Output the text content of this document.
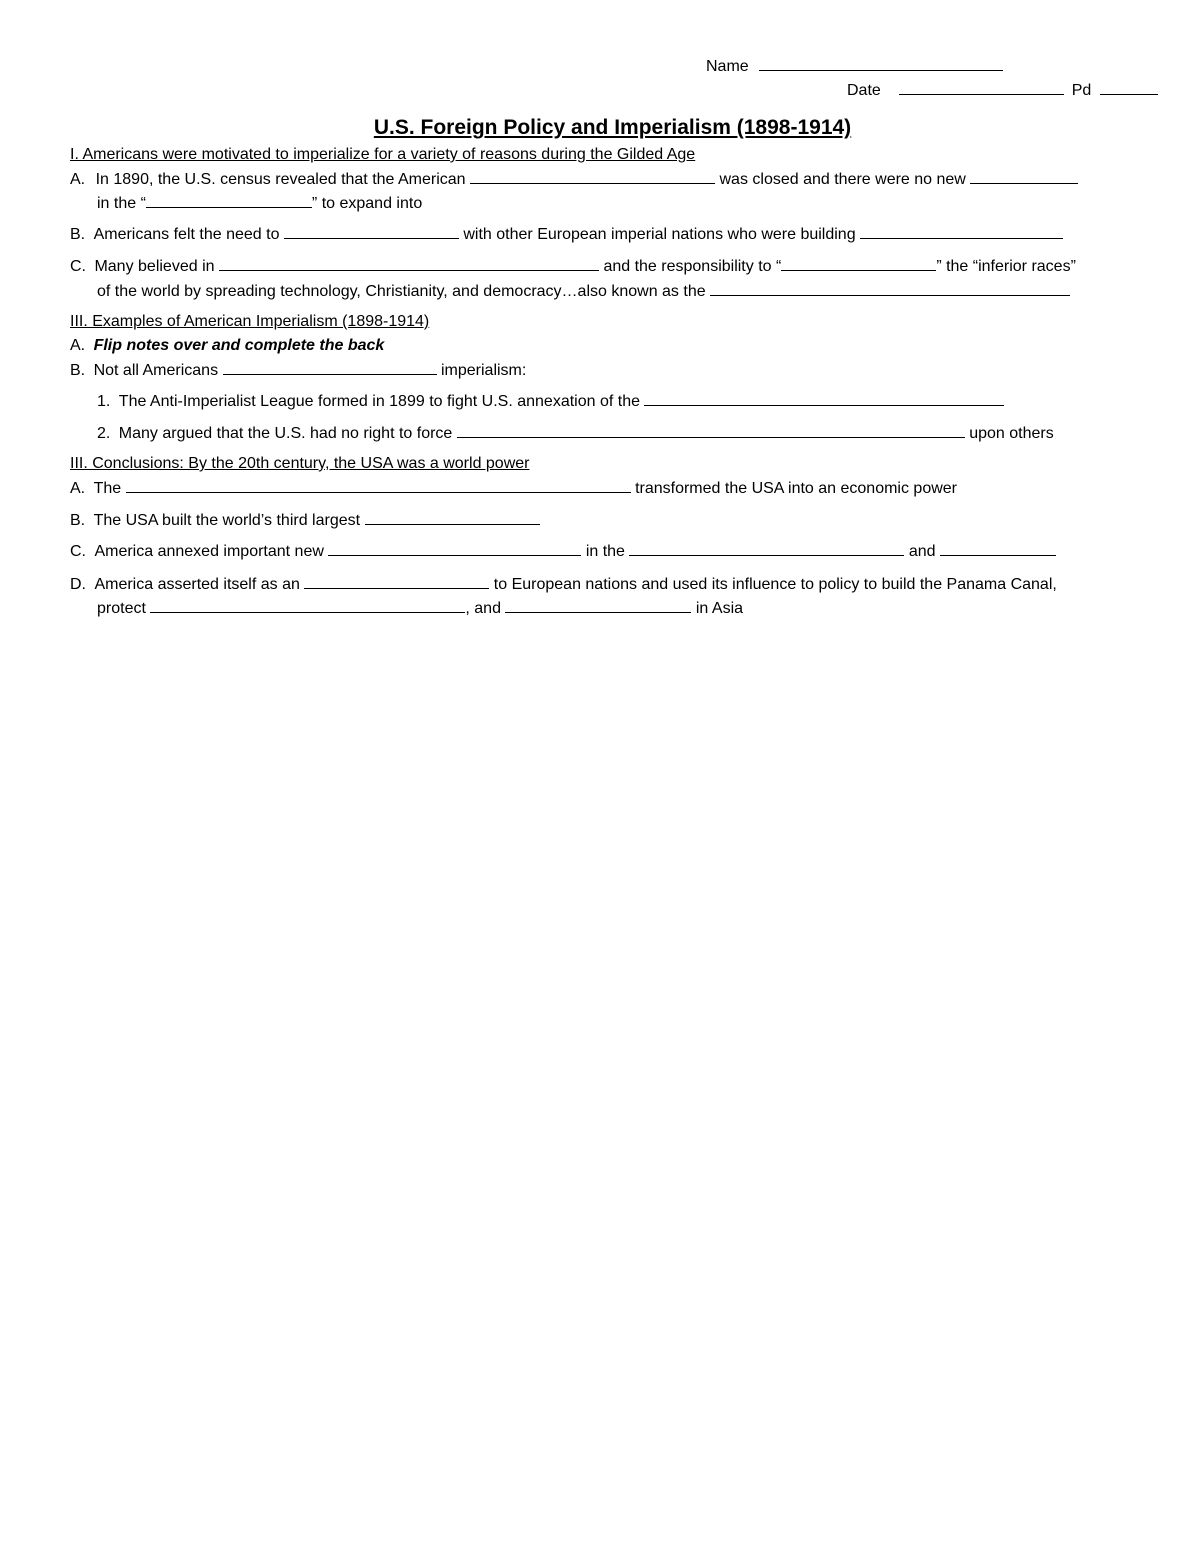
Name
Date	Pd
U.S. Foreign Policy and Imperialism (1898-1914)
I. Americans were motivated to imperialize for a variety of reasons during the Gilded Age
A. In 1890, the U.S. census revealed that the American	was closed and there were no new
in the “	” to expand into
B. Americans felt the need to	with other European imperial nations who were building
C. Many believed in	and the responsibility to “	” the “inferior races”
of the world by spreading technology, Christianity, and democracy…also known as the
III. Examples of American Imperialism (1898-1914)
A. Flip notes over and complete the back
B. Not all Americans	imperialism:
1. The Anti-Imperialist League formed in 1899 to fight U.S. annexation of the
2. Many argued that the U.S. had no right to force	upon others
III. Conclusions: By the 20th century, the USA was a world power
A. The	transformed the USA into an economic power
B. The USA built the world’s third largest
C. America annexed important new	in the	and
D. America asserted itself as an	to European nations and used its influence to policy to build the Panama Canal,
protect	, and	in Asia
